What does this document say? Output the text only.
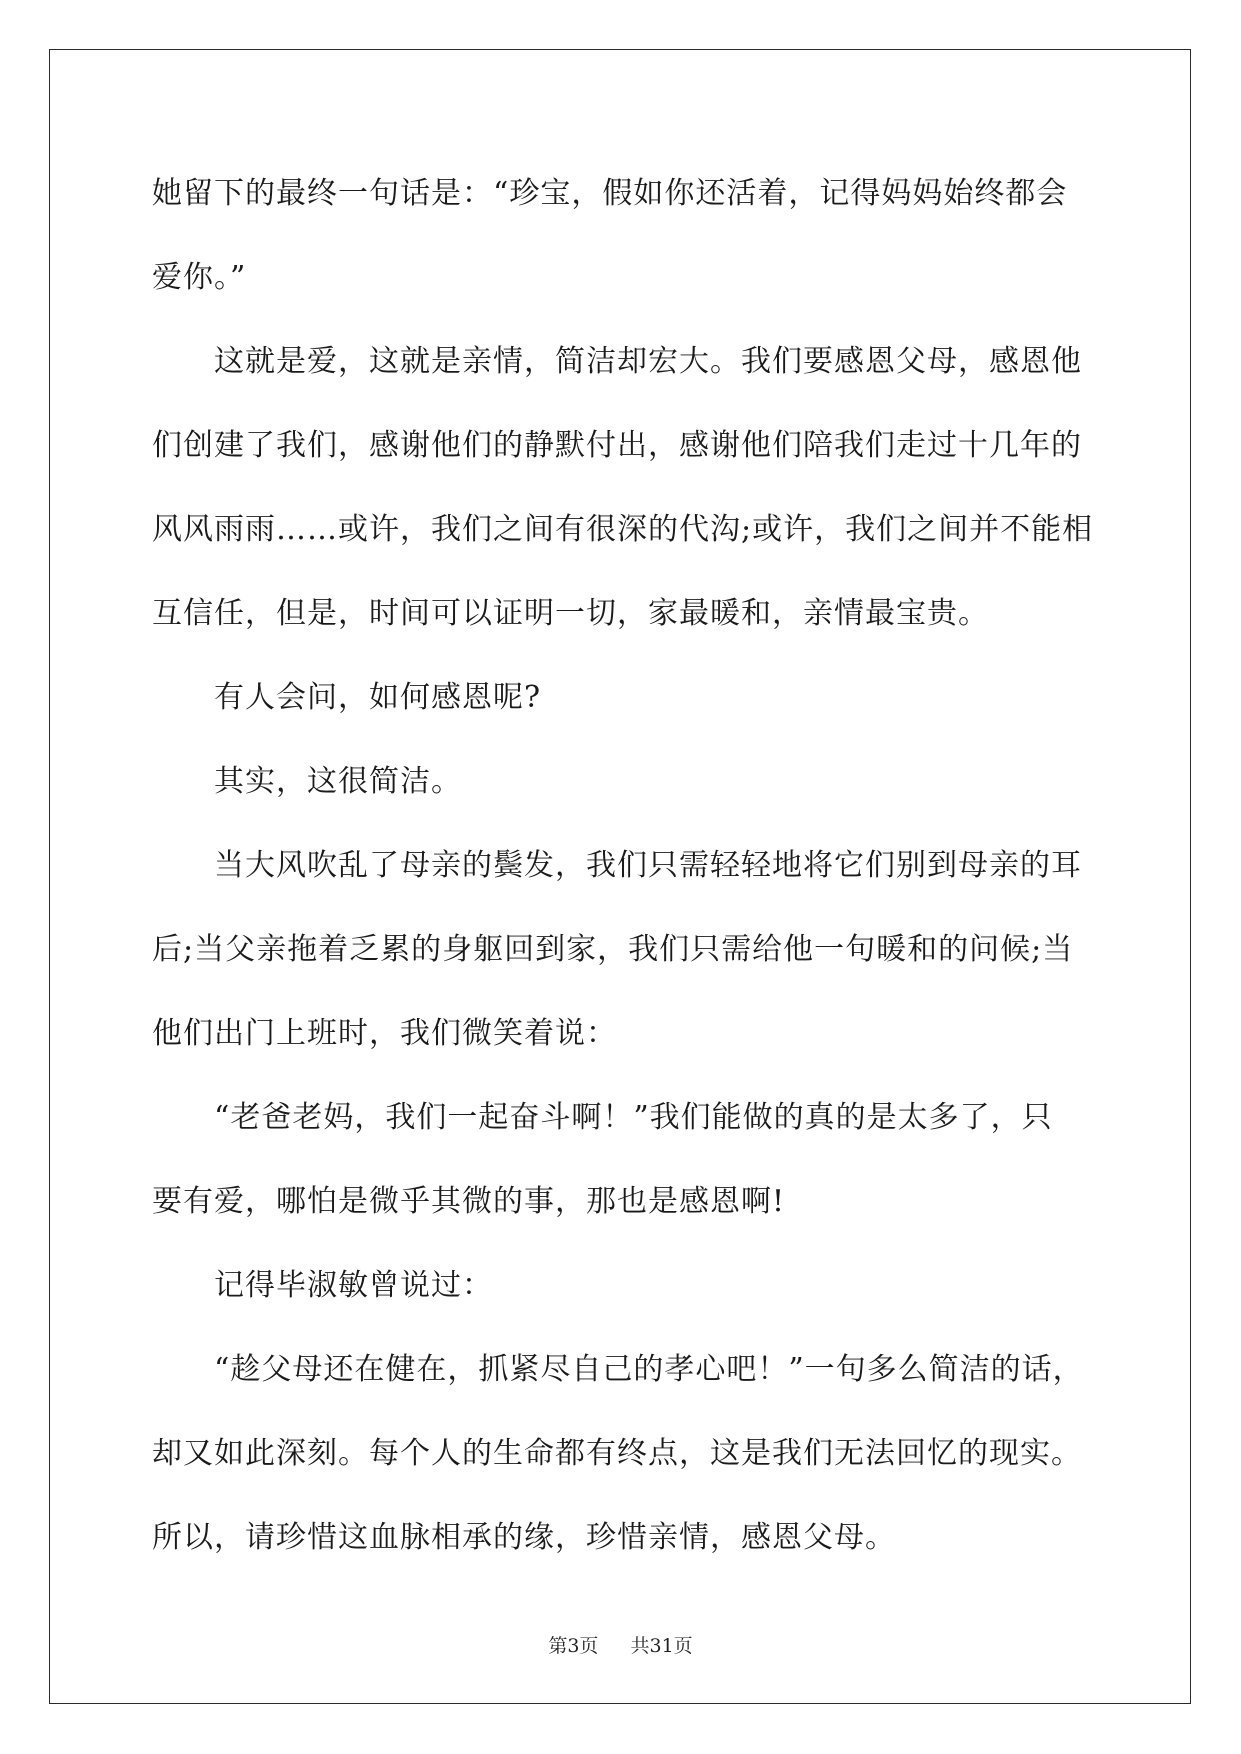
她留下的最终一句话是：“珍宝，假如你还活着，记得妈妈始终都会
爱你。”
这就是爱，这就是亲情，简洁却宏大。我们要感恩父母，感恩他
们创建了我们，感谢他们的静默付出，感谢他们陪我们走过十几年的
风风雨雨……或许，我们之间有很深的代沟;或许，我们之间并不能相
互信任，但是，时间可以证明一切，家最暖和，亲情最宝贵。
有人会问，如何感恩呢?
其实，这很简洁。
当大风吹乱了母亲的鬓发，我们只需轻轻地将它们别到母亲的耳
后;当父亲拖着乏累的身躯回到家，我们只需给他一句暖和的问候;当
他们出门上班时，我们微笑着说：
“老爸老妈，我们一起奋斗啊！”我们能做的真的是太多了，只
要有爱，哪怕是微乎其微的事，那也是感恩啊!
记得毕淑敏曾说过：
“趁父母还在健在，抓紧尽自己的孝心吧！”一句多么简洁的话，
却又如此深刻。每个人的生命都有终点，这是我们无法回忆的现实。
所以，请珍惜这血脉相承的缘，珍惜亲情，感恩父母。
第3页 共31页
